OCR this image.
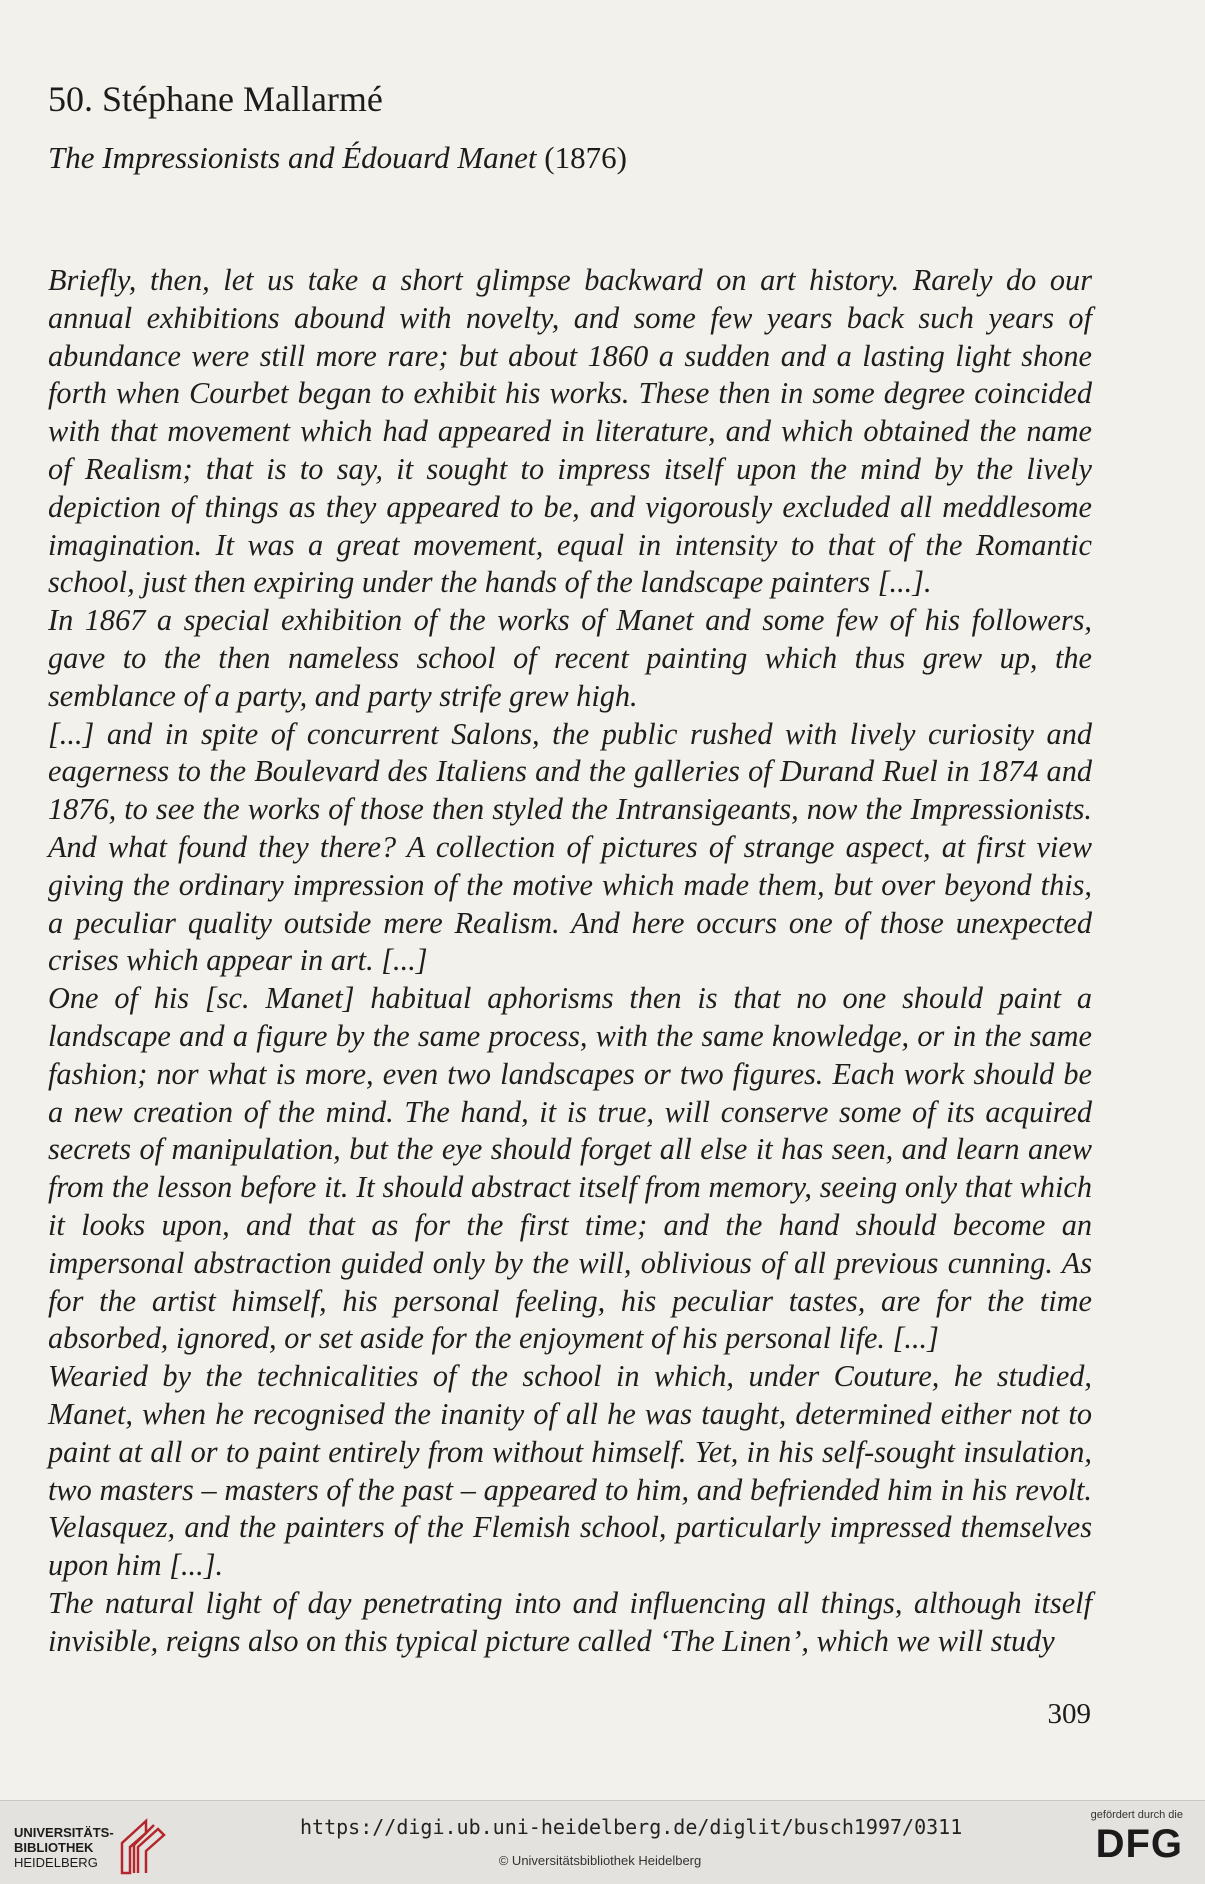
50. Stéphane Mallarmé
The Impressionists and Édouard Manet (1876)

Briefly, then, let us take a short glimpse backward on art history. Rarely do our annual exhibitions abound with novelty, and some few years back such years of abundance were still more rare; but about 1860 a sudden and a lasting light shone forth when Courbet began to exhibit his works. These then in some degree coincided with that movement which had appeared in literature, and which obtained the name of Realism; that is to say, it sought to impress itself upon the mind by the lively depiction of things as they appeared to be, and vigorously excluded all meddlesome imagination. It was a great movement, equal in intensity to that of the Romantic school, just then expiring under the hands of the landscape painters [...].

In 1867 a special exhibition of the works of Manet and some few of his followers, gave to the then nameless school of recent painting which thus grew up, the semblance of a party, and party strife grew high.

[...] and in spite of concurrent Salons, the public rushed with lively curiosity and eagerness to the Boulevard des Italiens and the galleries of Durand Ruel in 1874 and 1876, to see the works of those then styled the Intransigeants, now the Impressionists. And what found they there? A collection of pictures of strange aspect, at first view giving the ordinary impression of the motive which made them, but over beyond this, a peculiar quality outside mere Realism. And here occurs one of those unexpected crises which appear in art. [...]

One of his [sc. Manet] habitual aphorisms then is that no one should paint a landscape and a figure by the same process, with the same knowledge, or in the same fashion; nor what is more, even two landscapes or two figures. Each work should be a new creation of the mind. The hand, it is true, will conserve some of its acquired secrets of manipulation, but the eye should forget all else it has seen, and learn anew from the lesson before it. It should abstract itself from memory, seeing only that which it looks upon, and that as for the first time; and the hand should become an impersonal abstraction guided only by the will, oblivious of all previous cunning. As for the artist himself, his personal feeling, his peculiar tastes, are for the time absorbed, ignored, or set aside for the enjoyment of his personal life. [...]

Wearied by the technicalities of the school in which, under Couture, he studied, Manet, when he recognised the inanity of all he was taught, determined either not to paint at all or to paint entirely from without himself. Yet, in his self-sought insulation, two masters – masters of the past – appeared to him, and befriended him in his revolt. Velasquez, and the painters of the Flemish school, particularly impressed themselves upon him [...].

The natural light of day penetrating into and influencing all things, although itself invisible, reigns also on this typical picture called ‘The Linen’, which we will study

309
UNIVERSITÄTS-
BIBLIOTHEK
HEIDELBERG
https://digi.ub.uni-heidelberg.de/diglit/busch1997/0311
© Universitätsbibliothek Heidelberg
gefördert durch die
DFG
